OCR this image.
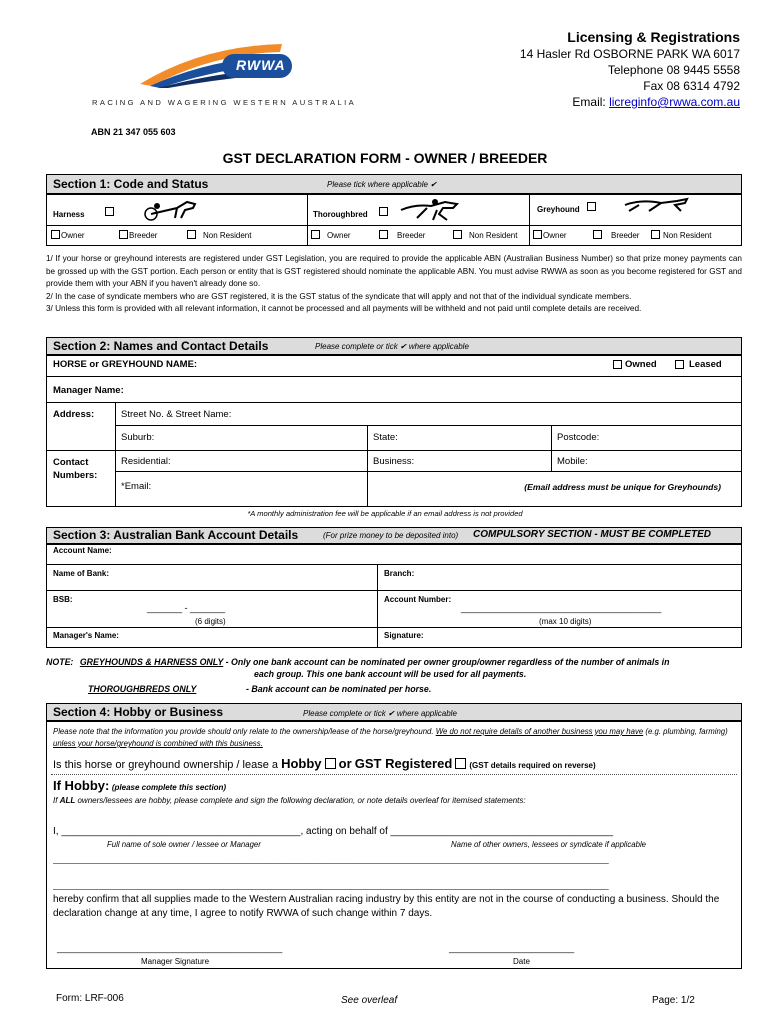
RWWA
RACING AND WAGERING WESTERN AUSTRALIA
Licensing & Registrations
14 Hasler Rd OSBORNE PARK WA 6017
Telephone 08 9445 5558
Fax 08 6314 4792
Email: licreginfo@rwwa.com.au
ABN 21 347 055 603
GST DECLARATION FORM - OWNER / BREEDER
Section 1: Code and Status	Please tick where applicable ✔
Harness	Thoroughbred
Greyhound
Owner	Breeder	Non Resident	Owner	Breeder	Non Resident	Owner	Breeder	Non Resident
1/ If your horse or greyhound interests are registered under GST Legislation, you are required to provide the applicable ABN (Australian Business Number) so that prize money payments can be grossed up with the GST portion. Each person or entity that is GST registered should nominate the applicable ABN. You must advise RWWA as soon as you become registered for GST and provide them with your ABN if you haven't already done so.
2/ In the case of syndicate members who are GST registered, it is the GST status of the syndicate that will apply and not that of the individual syndicate members.
3/ Unless this form is provided with all relevant information, it cannot be processed and all payments will be withheld and not paid until complete details are received.
Section 2: Names and Contact Details	Please complete or tick ✔ where applicable
HORSE or GREYHOUND NAME:	Owned	Leased
Manager Name:
Address:	Street No. & Street Name:
Suburb:	State:	Postcode:
Contact Numbers:
Residential:	Business:	Mobile:
*Email:	(Email address must be unique for Greyhounds)
*A monthly administration fee will be applicable if an email address is not provided
Section 3: Australian Bank Account Details	(For prize money to be deposited into) COMPULSORY SECTION - MUST BE COMPLETED
Account Name:
Name of Bank:	Branch:
BSB:
_______ - _______
(6 digits)
Account Number:
________________________________________
(max 10 digits)
Manager's Name:	Signature:
NOTE: GREYHOUNDS & HARNESS ONLY - Only one bank account can be nominated per owner group/owner regardless of the number of animals in
each group. This one bank account will be used for all payments.
THOROUGHBREDS ONLY	- Bank account can be nominated per horse.
Section 4: Hobby or Business	Please complete or tick ✔ where applicable
Please note that the information you provide should only relate to the ownership/lease of the horse/greyhound. We do not require details of another business you may have (e.g. plumbing, farming) unless your horse/greyhound is combined with this business.
Is this horse or greyhound ownership / lease a Hobby or GST Registered (GST details required on reverse)
If Hobby: (please complete this section)
If ALL owners/lessees are hobby, please complete and sign the following declaration, or note details overleaf for itemised statements:
I, ___________________________________________, acting on behalf of ________________________________________
Full name of sole owner / lessee or Manager	Name of other owners, lessees or syndicate if applicable
_______________________________________________________________________________________________________________
_______________________________________________________________________________________________________________
hereby confirm that all supplies made to the Western Australian racing industry by this entity are not in the course of conducting a business. Should the declaration change at any time, I agree to notify RWWA of such change within 7 days.
_____________________________________________	_________________________
Manager Signature	Date
Form: LRF-006	See overleaf	Page: 1/2
